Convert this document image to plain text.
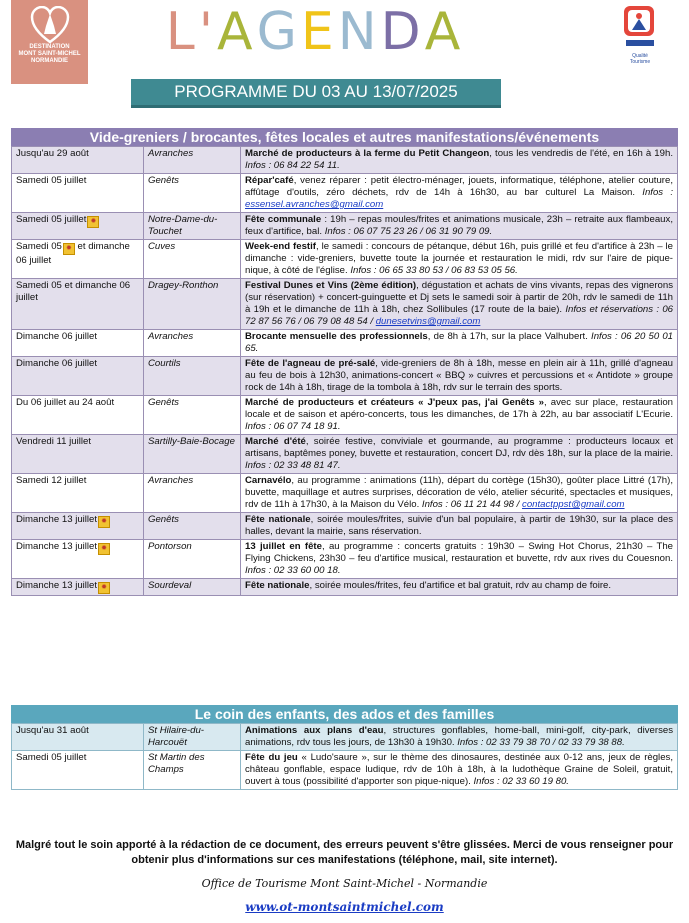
DESTINATION
MONT SAINT-MICHEL
NORMANDIE	L'AGENDA
PROGRAMME DU 03 AU 13/07/2025
Qualité Tourisme
Vide-greniers / brocantes, fêtes locales et autres manifestations/événements
Jusqu'au 29 août	Avranches	Marché de producteurs à la ferme du Petit Changeon, tous les vendredis de l'été, en 16h à 19h. Infos : 06 84 22 54 11.
Samedi 05 juillet	Genêts	Répar'café, venez réparer : petit électro-ménager, jouets, informatique, téléphone, atelier couture, affûtage d'outils, zéro déchets, rdv de 14h à 16h30, au bar culturel La Maison. Infos : essensel.avranches@gmail.com
Samedi 05 juillet ✹	Notre-Dame-du-Touchet	Fête communale : 19h – repas moules/frites et animations musicale, 23h – retraite aux flambeaux, feux d'artifice, bal. Infos : 06 07 75 23 26 / 06 31 90 79 09.
Samedi 05 ✹ et dimanche 06 juillet	Cuves	Week-end festif, le samedi : concours de pétanque, début 16h, puis grillé et feu d'artifice à 23h – le dimanche : vide-greniers, buvette toute la journée et restauration le midi, rdv sur l'aire de pique-nique, à côté de l'église. Infos : 06 65 33 80 53 / 06 83 53 05 56.
Samedi 05 et dimanche 06 juillet	Dragey-Ronthon	Festival Dunes et Vins (2ème édition), dégustation et achats de vins vivants, repas des vignerons (sur réservation) + concert-guinguette et Dj sets le samedi soir à partir de 20h, rdv le samedi de 11h à 19h et le dimanche de 11h à 18h, chez Sollibules (17 route de la baie). Infos et réservations : 06 72 87 56 76 / 06 79 08 48 54 / dunesetvins@gmail.com
Dimanche 06 juillet	Avranches	Brocante mensuelle des professionnels, de 8h à 17h, sur la place Valhubert. Infos : 06 20 50 01 65.
Dimanche 06 juillet	Courtils	Fête de l'agneau de pré-salé, vide-greniers de 8h à 18h, messe en plein air à 11h, grillé d'agneau au feu de bois à 12h30, animations-concert « BBQ » cuivres et percussions et « Antidote » groupe rock de 14h à 18h, tirage de la tombola à 18h, rdv sur le terrain des sports.
Du 06 juillet au 24 août	Genêts	Marché de producteurs et créateurs « J'peux pas, j'ai Genêts », avec sur place, restauration locale et de saison et apéro-concerts, tous les dimanches, de 17h à 22h, au bar associatif L'Ecurie. Infos : 06 07 74 18 91.
Vendredi 11 juillet	Sartilly-Baie-Bocage	Marché d'été, soirée festive, conviviale et gourmande, au programme : producteurs locaux et artisans, baptêmes poney, buvette et restauration, concert DJ, rdv dès 18h, sur la place de la mairie. Infos : 02 33 48 81 47.
Samedi 12 juillet	Avranches	Carnavélo, au programme : animations (11h), départ du cortège (15h30), goûter place Littré (17h), buvette, maquillage et autres surprises, décoration de vélo, atelier sécurité, spectacles et musiques, rdv de 11h à 17h30, à la Maison du Vélo. Infos : 06 11 21 44 98 / contactppst@gmail.com
Dimanche 13 juillet ✹	Genêts	Fête nationale, soirée moules/frites, suivie d'un bal populaire, à partir de 19h30, sur la place des halles, devant la mairie, sans réservation.
Dimanche 13 juillet ✹	Pontorson	13 juillet en fête, au programme : concerts gratuits : 19h30 – Swing Hot Chorus, 21h30 – The Flying Chickens, 23h30 – feu d'artifice musical, restauration et buvette, rdv aux rives du Couesnon. Infos : 02 33 60 00 18.
Dimanche 13 juillet ✹	Sourdeval	Fête nationale, soirée moules/frites, feu d'artifice et bal gratuit, rdv au champ de foire.
Le coin des enfants, des ados et des familles
Jusqu'au 31 août	St Hilaire-du-Harcouët	Animations aux plans d'eau, structures gonflables, home-ball, mini-golf, city-park, diverses animations, rdv tous les jours, de 13h30 à 19h30. Infos : 02 33 79 38 70 / 02 33 79 38 88.
Samedi 05 juillet	St Martin des Champs	Fête du jeu « Ludo'saure », sur le thème des dinosaures, destinée aux 0-12 ans, jeux de règles, château gonflable, espace ludique, rdv de 10h à 18h, à la ludothèque Graine de Soleil, gratuit, ouvert à tous (possibilité d'apporter son pique-nique). Infos : 02 33 60 19 80.
Malgré tout le soin apporté à la rédaction de ce document, des erreurs peuvent s'être glissées. Merci de vous renseigner pour obtenir plus d'informations sur ces manifestations (téléphone, mail, site internet).
Office de Tourisme Mont Saint-Michel - Normandie
www.ot-montsaintmichel.com
